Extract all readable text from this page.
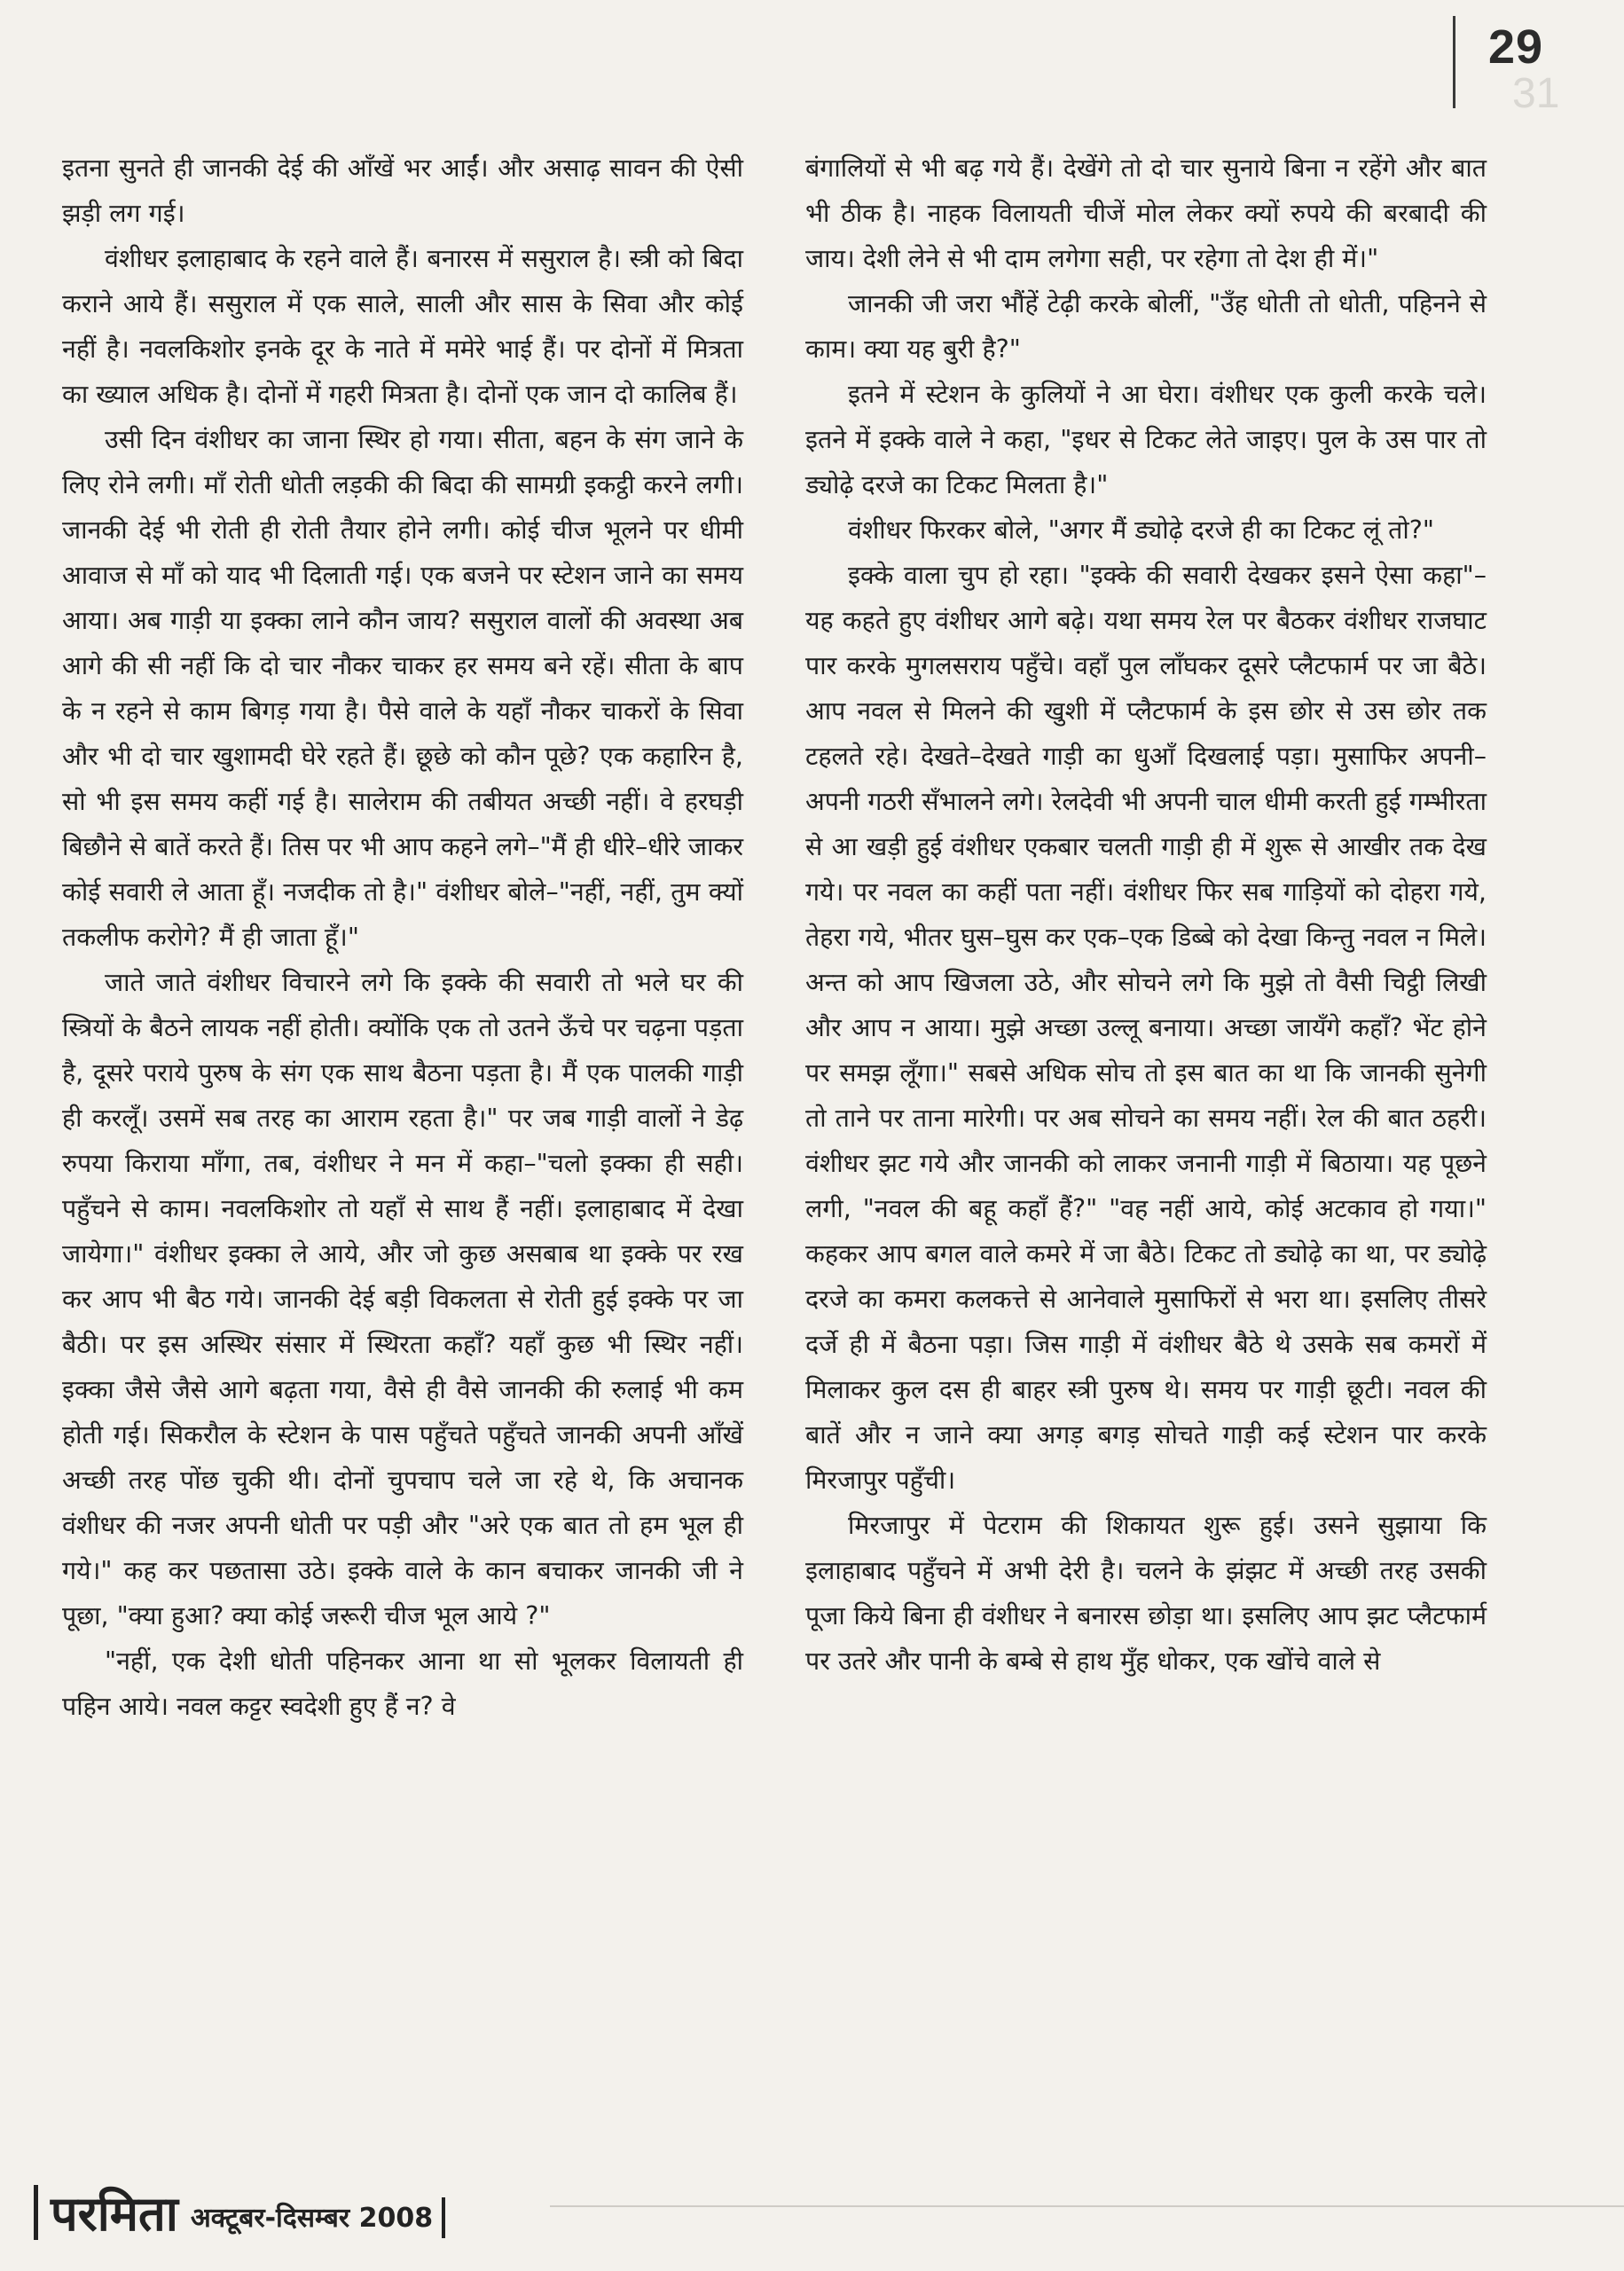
31
29

इतना सुनते ही जानकी देई की आँखें भर आईं। और असाढ़ सावन की ऐसी झड़ी लग गई।

वंशीधर इलाहाबाद के रहने वाले हैं। बनारस में ससुराल है। स्त्री को बिदा कराने आये हैं। ससुराल में एक साले, साली और सास के सिवा और कोई नहीं है। नवलकिशोर इनके दूर के नाते में ममेरे भाई हैं। पर दोनों में मित्रता का ख्याल अधिक है। दोनों में गहरी मित्रता है। दोनों एक जान दो कालिब हैं।

उसी दिन वंशीधर का जाना स्थिर हो गया। सीता, बहन के संग जाने के लिए रोने लगी। माँ रोती धोती लड़की की बिदा की सामग्री इकट्ठी करने लगी। जानकी देई भी रोती ही रोती तैयार होने लगी। कोई चीज भूलने पर धीमी आवाज से माँ को याद भी दिलाती गई। एक बजने पर स्टेशन जाने का समय आया। अब गाड़ी या इक्का लाने कौन जाय? ससुराल वालों की अवस्था अब आगे की सी नहीं कि दो चार नौकर चाकर हर समय बने रहें। सीता के बाप के न रहने से काम बिगड़ गया है। पैसे वाले के यहाँ नौकर चाकरों के सिवा और भी दो चार खुशामदी घेरे रहते हैं। छूछे को कौन पूछे? एक कहारिन है, सो भी इस समय कहीं गई है। सालेराम की तबीयत अच्छी नहीं। वे हरघड़ी बिछौने से बातें करते हैं। तिस पर भी आप कहने लगे–"मैं ही धीरे–धीरे जाकर कोई सवारी ले आता हूँ। नजदीक तो है।" वंशीधर बोले–"नहीं, नहीं, तुम क्यों तकलीफ करोगे? मैं ही जाता हूँ।"

जाते जाते वंशीधर विचारने लगे कि इक्के की सवारी तो भले घर की स्त्रियों के बैठने लायक नहीं होती। क्योंकि एक तो उतने ऊँचे पर चढ़ना पड़ता है, दूसरे पराये पुरुष के संग एक साथ बैठना पड़ता है। मैं एक पालकी गाड़ी ही करलूँ। उसमें सब तरह का आराम रहता है।" पर जब गाड़ी वालों ने डेढ़ रुपया किराया माँगा, तब, वंशीधर ने मन में कहा–"चलो इक्का ही सही। पहुँचने से काम। नवलकिशोर तो यहाँ से साथ हैं नहीं। इलाहाबाद में देखा जायेगा।" वंशीधर इक्का ले आये, और जो कुछ असबाब था इक्के पर रख कर आप भी बैठ गये। जानकी देई बड़ी विकलता से रोती हुई इक्के पर जा बैठी। पर इस अस्थिर संसार में स्थिरता कहाँ? यहाँ कुछ भी स्थिर नहीं। इक्का जैसे जैसे आगे बढ़ता गया, वैसे ही वैसे जानकी की रुलाई भी कम होती गई। सिकरौल के स्टेशन के पास पहुँचते पहुँचते जानकी अपनी आँखें अच्छी तरह पोंछ चुकी थी। दोनों चुपचाप चले जा रहे थे, कि अचानक वंशीधर की नजर अपनी धोती पर पड़ी और "अरे एक बात तो हम भूल ही गये।" कह कर पछतासा उठे। इक्के वाले के कान बचाकर जानकी जी ने पूछा, "क्या हुआ? क्या कोई जरूरी चीज भूल आये ?"

"नहीं, एक देशी धोती पहिनकर आना था सो भूलकर विलायती ही पहिन आये। नवल कट्टर स्वदेशी हुए हैं न? वे

बंगालियों से भी बढ़ गये हैं। देखेंगे तो दो चार सुनाये बिना न रहेंगे और बात भी ठीक है। नाहक विलायती चीजें मोल लेकर क्यों रुपये की बरबादी की जाय। देशी लेने से भी दाम लगेगा सही, पर रहेगा तो देश ही में।"

जानकी जी जरा भौंहें टेढ़ी करके बोलीं, "उँह धोती तो धोती, पहिनने से काम। क्या यह बुरी है?"

इतने में स्टेशन के कुलियों ने आ घेरा। वंशीधर एक कुली करके चले। इतने में इक्के वाले ने कहा, "इधर से टिकट लेते जाइए। पुल के उस पार तो ड्योढ़े दरजे का टिकट मिलता है।"

वंशीधर फिरकर बोले, "अगर मैं ड्योढ़े दरजे ही का टिकट लूं तो?"

इक्के वाला चुप हो रहा। "इक्के की सवारी देखकर इसने ऐसा कहा"–यह कहते हुए वंशीधर आगे बढ़े। यथा समय रेल पर बैठकर वंशीधर राजघाट पार करके मुगलसराय पहुँचे। वहाँ पुल लाँघकर दूसरे प्लैटफार्म पर जा बैठे। आप नवल से मिलने की खुशी में प्लैटफार्म के इस छोर से उस छोर तक टहलते रहे। देखते–देखते गाड़ी का धुआँ दिखलाई पड़ा। मुसाफिर अपनी–अपनी गठरी सँभालने लगे। रेलदेवी भी अपनी चाल धीमी करती हुई गम्भीरता से आ खड़ी हुई वंशीधर एकबार चलती गाड़ी ही में शुरू से आखीर तक देख गये। पर नवल का कहीं पता नहीं। वंशीधर फिर सब गाड़ियों को दोहरा गये, तेहरा गये, भीतर घुस–घुस कर एक–एक डिब्बे को देखा किन्तु नवल न मिले। अन्त को आप खिजला उठे, और सोचने लगे कि मुझे तो वैसी चिट्ठी लिखी और आप न आया। मुझे अच्छा उल्लू बनाया। अच्छा जायँगे कहाँ? भेंट होने पर समझ लूँगा।" सबसे अधिक सोच तो इस बात का था कि जानकी सुनेगी तो ताने पर ताना मारेगी। पर अब सोचने का समय नहीं। रेल की बात ठहरी। वंशीधर झट गये और जानकी को लाकर जनानी गाड़ी में बिठाया। यह पूछने लगी, "नवल की बहू कहाँ हैं?" "वह नहीं आये, कोई अटकाव हो गया।" कहकर आप बगल वाले कमरे में जा बैठे। टिकट तो ड्योढ़े का था, पर ड्योढ़े दरजे का कमरा कलकत्ते से आनेवाले मुसाफिरों से भरा था। इसलिए तीसरे दर्जे ही में बैठना पड़ा। जिस गाड़ी में वंशीधर बैठे थे उसके सब कमरों में मिलाकर कुल दस ही बाहर स्त्री पुरुष थे। समय पर गाड़ी छूटी। नवल की बातें और न जाने क्या अगड़ बगड़ सोचते गाड़ी कई स्टेशन पार करके मिरजापुर पहुँची।

मिरजापुर में पेटराम की शिकायत शुरू हुई। उसने सुझाया कि इलाहाबाद पहुँचने में अभी देरी है। चलने के झंझट में अच्छी तरह उसकी पूजा किये बिना ही वंशीधर ने बनारस छोड़ा था। इसलिए आप झट प्लैटफार्म पर उतरे और पानी के बम्बे से हाथ मुँह धोकर, एक खोंचे वाले से

परमिता अक्टूबर-दिसम्बर 2008
